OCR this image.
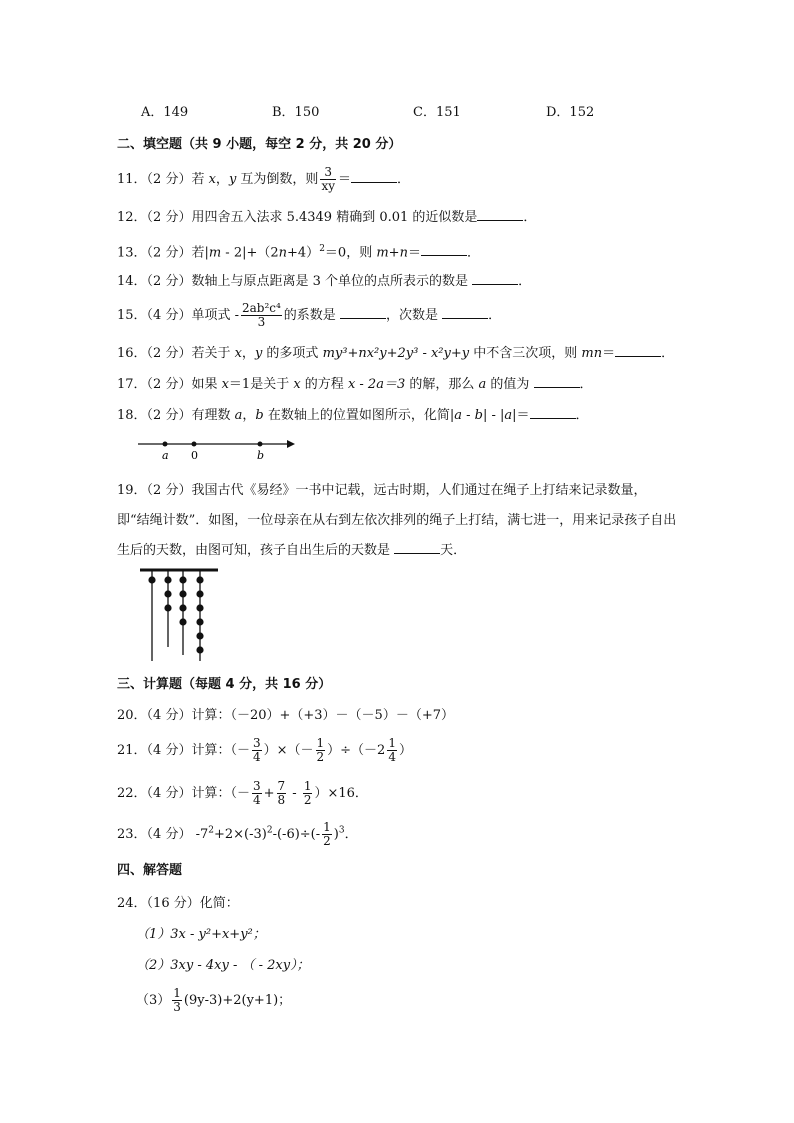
A．149	B．150	C．151	D．152
二、填空题（共 9 小题，每空 2 分，共 20 分）
11．（2 分）若 x，y 互为倒数，则 $\frac{3}{xy}$ ＝	．
12．（2 分）用四舍五入法求 5.4349 精确到 0.01 的近似数是	．
13．（2 分）若$|m - 2|+(2n+4)^2=0$，则 m+n＝	．
14．（2 分）数轴上与原点距离是 3 个单位的点所表示的数是	．
15．（4 分）单项式 - $\frac{\text{2ab²c⁴}}{3}$ 的系数是	，次数是	．
16．（2 分）若关于 x，y 的多项式 my³+nx²y+2y³ - x²y+y 中不含三次项，则 mn＝	．
17．（2 分）如果 x＝1是关于 x 的方程 x - 2a＝3 的解，那么 a 的值为	．
18．（2 分）有理数 a，b 在数轴上的位置如图所示，化简|a - b| - |a|＝	．
a 0	b
19．（2 分）我国古代《易经》一书中记载，远古时期，人们通过在绳子上打结来记录数量，即“结绳计数”．如图，一位母亲在从右到左依次排列的绳子上打结，满七进一，用来记录孩子自出生后的天数，由图可知，孩子自出生后的天数是	天．
三、计算题（每题 4 分，共 16 分）
20．（4 分）计算：（－20）+（+3）－（－5）－（+7）
21．（4 分）计算：（－ $\frac{3}{4}$ ）×（－ $\frac{1}{2} )\div(-2 \frac{1}{4}$ ）
22．（4 分）计算：（－ $\frac{3}{4} + \frac{7}{8} - \frac{1}{2} )\times 16$．
23．（4 分） $-7^2+2\times(-3)^2-(-6)\div(- \frac{1}{2} )^3$．
四、解答题
24．（16 分）化简：
（1）3x - y²+x+y²；
（2）3xy - 4xy - （ - 2xy）；
$(3) \frac{1}{3} (9y-3)+2(y+1)$；
